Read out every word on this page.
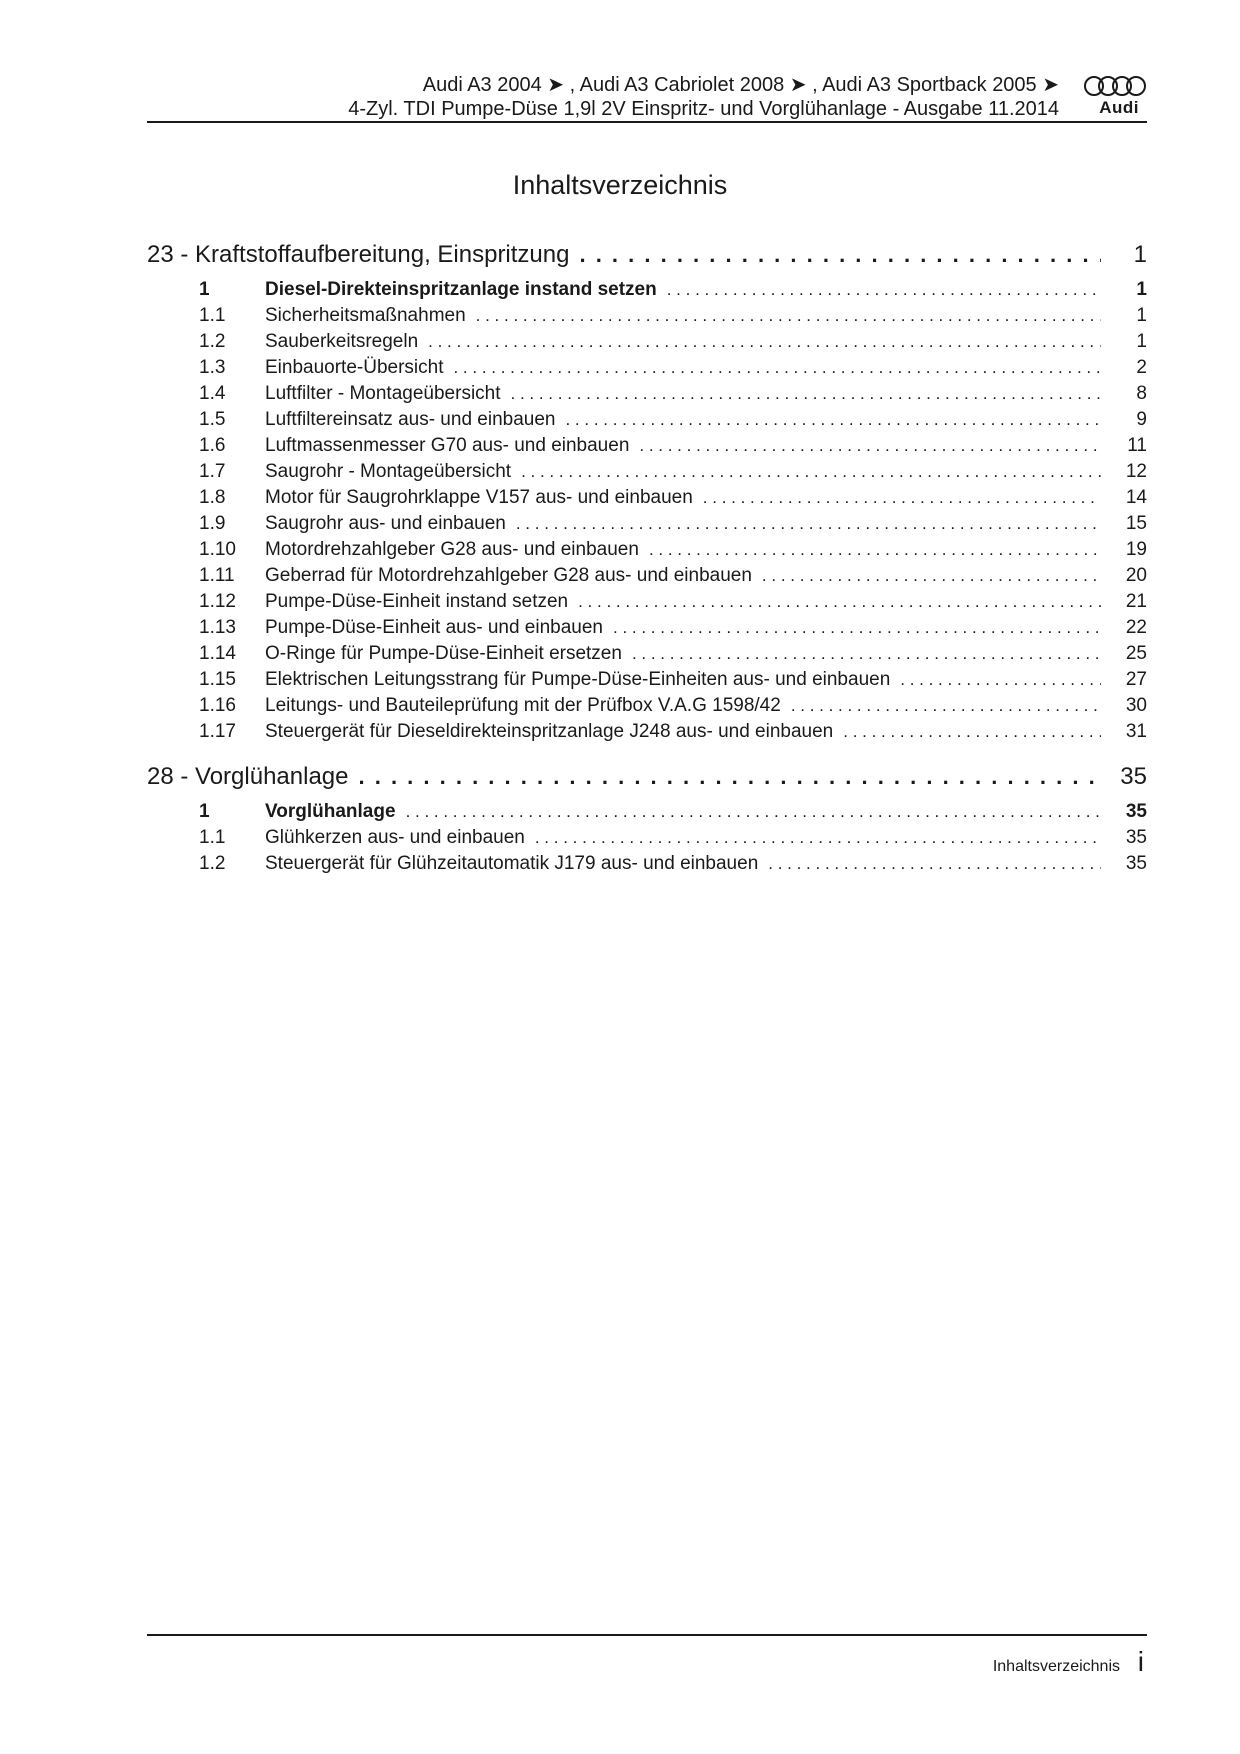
Audi A3 2004 ➤ , Audi A3 Cabriolet 2008 ➤ , Audi A3 Sportback 2005 ➤
4-Zyl. TDI Pumpe-Düse 1,9l 2V Einspritz- und Vorglühanlage - Ausgabe 11.2014 Audi
Inhaltsverzeichnis
23 - Kraftstoffaufbereitung, Einspritzung . . .	1
1	Diesel-Direkteinspritzanlage instand setzen . . .	1
1.1	Sicherheitsmaßnahmen . . .	1
1.2	Sauberkeitsregeln . . .	1
1.3	Einbauorte-Übersicht . . .	2
1.4	Luftfilter - Montageübersicht . . .	8
1.5	Luftfiltereinsatz aus- und einbauen . . .	9
1.6	Luftmassenmesser G70 aus- und einbauen . . .	11
1.7	Saugrohr - Montageübersicht . . .	12
1.8	Motor für Saugrohrklappe V157 aus- und einbauen . . .	14
1.9	Saugrohr aus- und einbauen . . .	15
1.10	Motordrehzahlgeber G28 aus- und einbauen . . .	19
1.11	Geberrad für Motordrehzahlgeber G28 aus- und einbauen . . .	20
1.12	Pumpe-Düse-Einheit instand setzen . . .	21
1.13	Pumpe-Düse-Einheit aus- und einbauen . . .	22
1.14	O-Ringe für Pumpe-Düse-Einheit ersetzen . . .	25
1.15	Elektrischen Leitungsstrang für Pumpe-Düse-Einheiten aus- und einbauen . . .	27
1.16	Leitungs- und Bauteileprüfung mit der Prüfbox V.A.G 1598/42 . . .	30
1.17	Steuergerät für Dieseldirekteinspritzanlage J248 aus- und einbauen . . .	31
28 - Vorglühanlage . . .	35
1	Vorglühanlage . . .	35
1.1	Glühkerzen aus- und einbauen . . .	35
1.2	Steuergerät für Glühzeitautomatik J179 aus- und einbauen . . .	35
Inhaltsverzeichnis i
